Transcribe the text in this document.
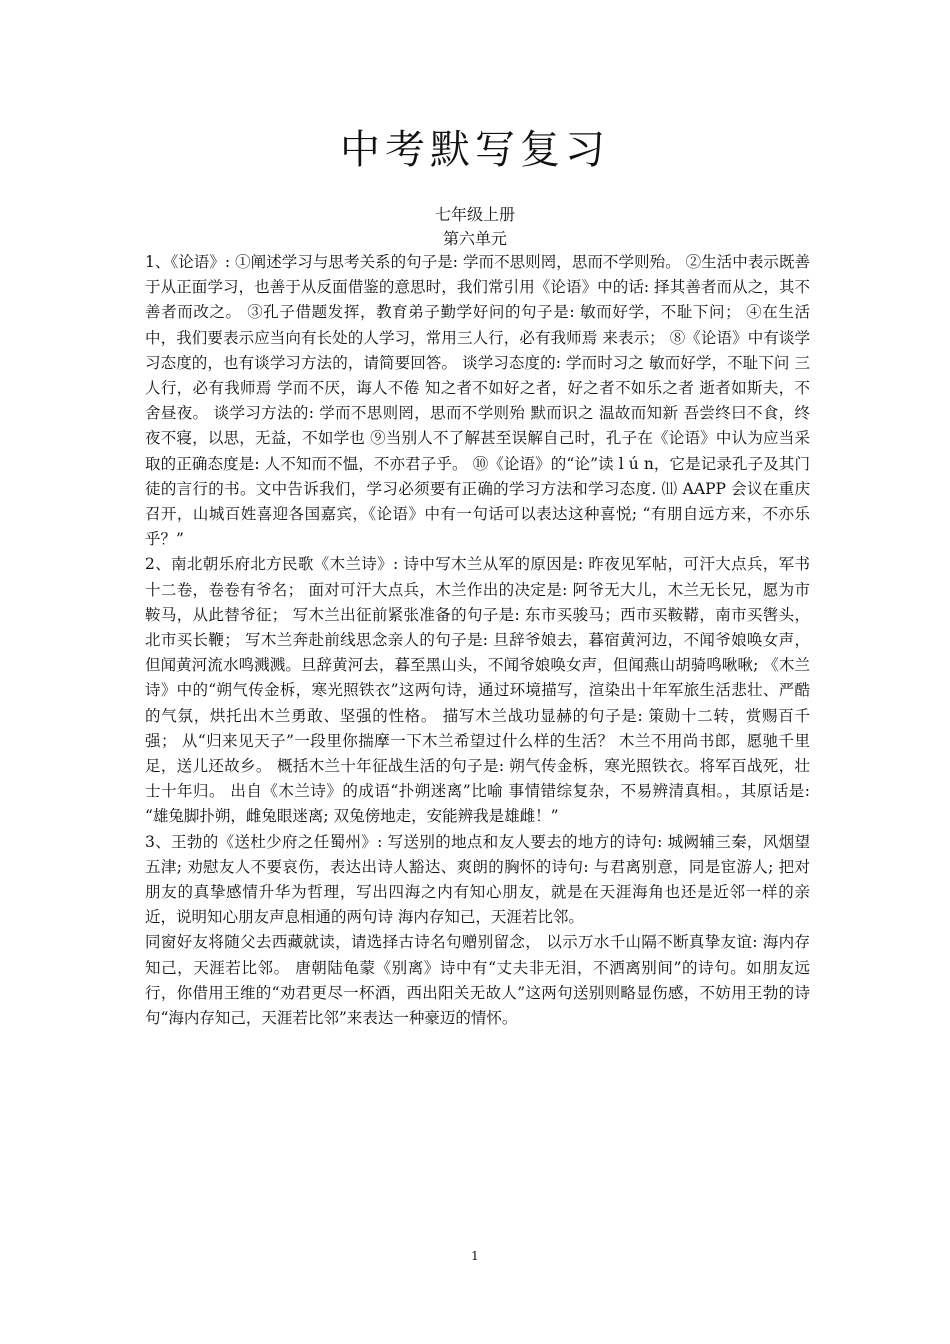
中考默写复习
七年级上册
第六单元

1、《论语》: ①阐述学习与思考关系的句子是: 学而不思则罔，思而不学则殆。 ②生活中表示既善于从正面学习，也善于从反面借鉴的意思时，我们常引用《论语》中的话: 择其善者而从之，其不善者而改之。 ③孔子借题发挥，教育弟子勤学好问的句子是: 敏而好学，不耻下问； ④在生活中，我们要表示应当向有长处的人学习，常用三人行，必有我师焉 来表示； ⑧《论语》中有谈学习态度的，也有谈学习方法的，请简要回答。 谈学习态度的: 学而时习之 敏而好学，不耻下问 三人行，必有我师焉 学而不厌，诲人不倦 知之者不如好之者，好之者不如乐之者 逝者如斯夫，不舍昼夜。 谈学习方法的: 学而不思则罔，思而不学则殆 默而识之 温故而知新 吾尝终曰不食，终夜不寝，以思，无益，不如学也 ⑨当别人不了解甚至误解自己时，孔子在《论语》中认为应当采取的正确态度是: 人不知而不愠，不亦君子乎。 ⑩《论语》的“论”读 l ú n，它是记录孔子及其门徒的言行的书。文中告诉我们，学习必须要有正确的学习方法和学习态度. ⑾ AAPP 会议在重庆召开，山城百姓喜迎各国嘉宾，《论语》中有一句话可以表达这种喜悦; “有朋自远方来，不亦乐乎？”

2、南北朝乐府北方民歌《木兰诗》: 诗中写木兰从军的原因是: 昨夜见军帖，可汗大点兵，军书十二卷，卷卷有爷名； 面对可汗大点兵，木兰作出的决定是: 阿爷无大儿，木兰无长兄，愿为市鞍马，从此替爷征； 写木兰出征前紧张准备的句子是: 东市买骏马；西市买鞍鞯，南市买辔头，北市买长鞭； 写木兰奔赴前线思念亲人的句子是: 旦辞爷娘去，暮宿黄河边，不闻爷娘唤女声，但闻黄河流水鸣溅溅。旦辞黄河去，暮至黑山头，不闻爷娘唤女声，但闻燕山胡骑鸣啾啾; 《木兰诗》中的“朔气传金柝，寒光照铁衣”这两句诗，通过环境描写，渲染出十年军旅生活悲壮、严酷的气氛，烘托出木兰勇敢、坚强的性格。 描写木兰战功显赫的句子是: 策勋十二转，赏赐百千强； 从“归来见天子”一段里你揣摩一下木兰希望过什么样的生活？ 木兰不用尚书郎，愿驰千里足，送儿还故乡。 概括木兰十年征战生活的句子是: 朔气传金柝，寒光照铁衣。将军百战死，壮士十年归。 出自《木兰诗》的成语“扑朔迷离”比喻 事情错综复杂，不易辨清真相。，其原话是: “雄兔脚扑朔，雌兔眼迷离; 双兔傍地走，安能辨我是雄雌！”

3、王勃的《送杜少府之任蜀州》: 写送别的地点和友人要去的地方的诗句: 城阙辅三秦，风烟望五津; 劝慰友人不要哀伤，表达出诗人豁达、爽朗的胸怀的诗句: 与君离别意，同是宦游人; 把对朋友的真挚感情升华为哲理，写出四海之内有知心朋友，就是在天涯海角也还是近邻一样的亲近，说明知心朋友声息相通的两句诗 海内存知己，天涯若比邻。

同窗好友将随父去西藏就读，请选择古诗名句赠别留念， 以示万水千山隔不断真挚友谊: 海内存知己，天涯若比邻。 唐朝陆龟蒙《别离》诗中有“丈夫非无泪，不洒离别间”的诗句。如朋友远行，你借用王维的“劝君更尽一杯酒，西出阳关无故人”这两句送别则略显伤感，不妨用王勃的诗句“海内存知己，天涯若比邻”来表达一种豪迈的情怀。

1
